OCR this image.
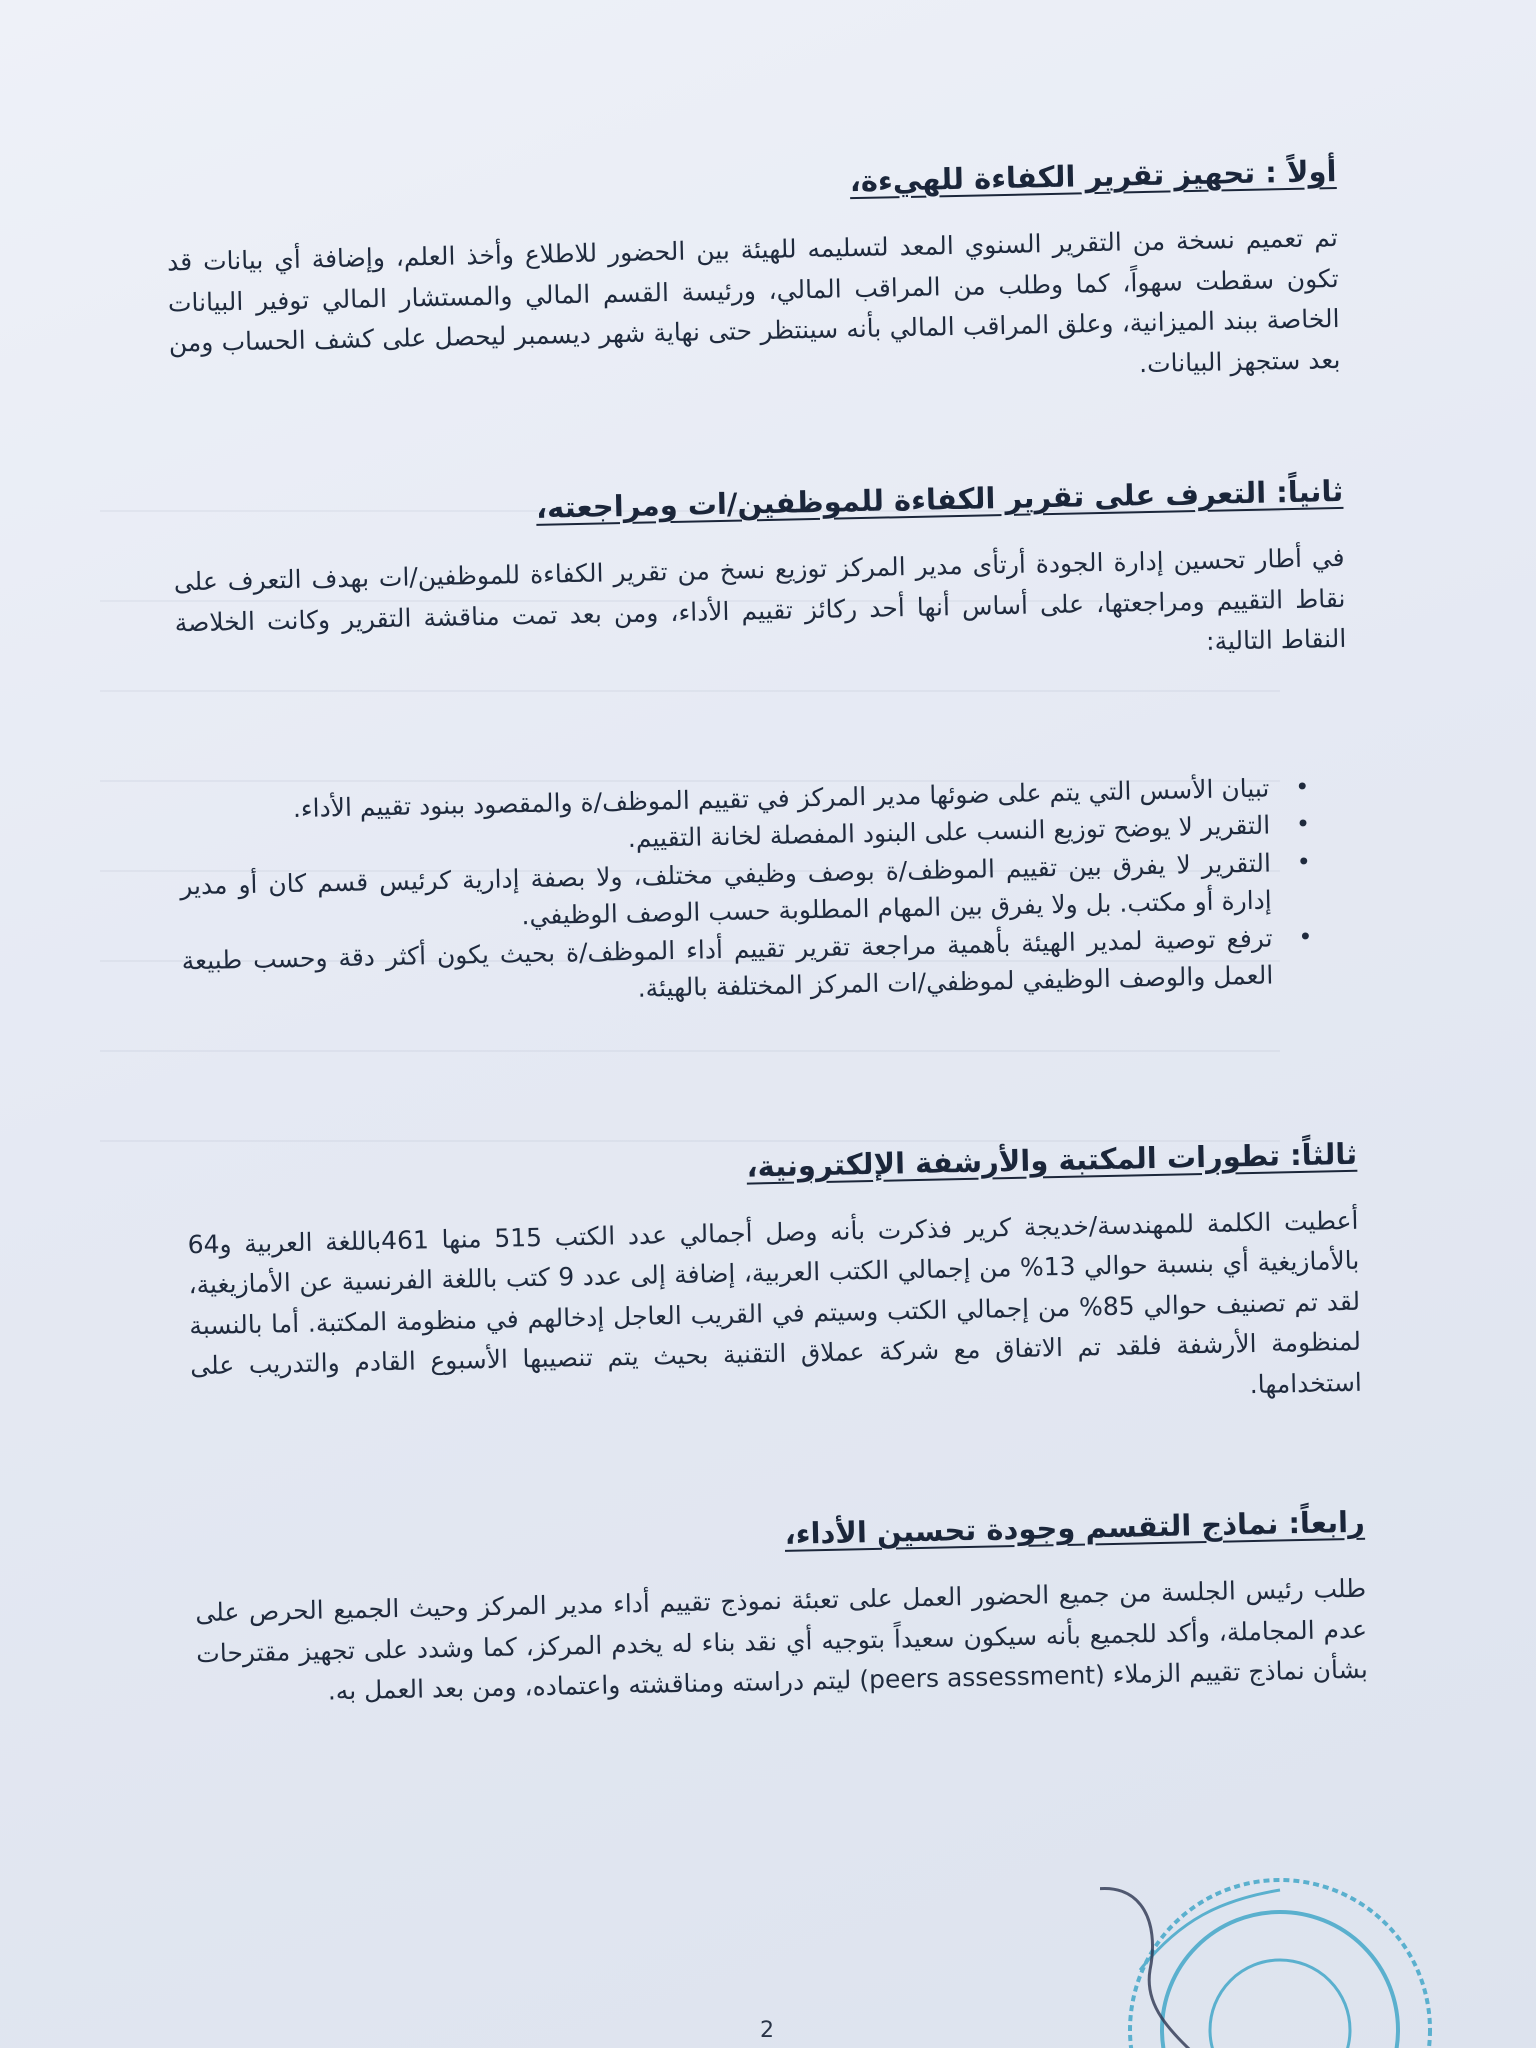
أولاً : تحهيز تقرير الكفاءة للهيءة،

تم تعميم نسخة من التقرير السنوي المعد لتسليمه للهيئة بين الحضور للاطلاع وأخذ العلم، وإضافة أي بيانات قد تكون سقطت سهواً، كما وطلب من المراقب المالي، ورئيسة القسم المالي والمستشار المالي توفير البيانات الخاصة ببند الميزانية، وعلق المراقب المالي بأنه سينتظر حتى نهاية شهر ديسمبر ليحصل على كشف الحساب ومن بعد ستجهز البيانات.

ثانياً: التعرف على تقرير الكفاءة للموظفين/ات ومراجعته،

في أطار تحسين إدارة الجودة أرتأى مدير المركز توزيع نسخ من تقرير الكفاءة للموظفين/ات بهدف التعرف على نقاط التقييم ومراجعتها، على أساس أنها أحد ركائز تقييم الأداء، ومن بعد تمت مناقشة التقرير وكانت الخلاصة النقاط التالية:

•
تبيان الأسس التي يتم على ضوئها مدير المركز في تقييم الموظف/ة والمقصود ببنود تقييم الأداء.
•
التقرير لا يوضح توزيع النسب على البنود المفصلة لخانة التقييم.
•
التقرير لا يفرق بين تقييم الموظف/ة بوصف وظيفي مختلف، ولا بصفة إدارية كرئيس قسم كان أو مدير إدارة أو مكتب. بل ولا يفرق بين المهام المطلوبة حسب الوصف الوظيفي.
•
ترفع توصية لمدير الهيئة بأهمية مراجعة تقرير تقييم أداء الموظف/ة بحيث يكون أكثر دقة وحسب طبيعة العمل والوصف الوظيفي لموظفي/ات المركز المختلفة بالهيئة.
ثالثاً: تطورات المكتبة والأرشفة الإلكترونية،

أعطيت الكلمة للمهندسة/خديجة كرير فذكرت بأنه وصل أجمالي عدد الكتب 515 منها 461باللغة العربية و64 بالأمازيغية أي بنسبة حوالي 13% من إجمالي الكتب العربية، إضافة إلى عدد 9 كتب باللغة الفرنسية عن الأمازيغية، لقد تم تصنيف حوالي 85% من إجمالي الكتب وسيتم في القريب العاجل إدخالهم في منظومة المكتبة. أما بالنسبة لمنظومة الأرشفة فلقد تم الاتفاق مع شركة عملاق التقنية بحيث يتم تنصيبها الأسبوع القادم والتدريب على استخدامها.

رابعاً: نماذج التقسم وجودة تحسين الأداء،

طلب رئيس الجلسة من جميع الحضور العمل على تعبئة نموذج تقييم أداء مدير المركز وحيث الجميع الحرص على عدم المجاملة، وأكد للجميع بأنه سيكون سعيداً بتوجيه أي نقد بناء له يخدم المركز، كما وشدد على تجهيز مقترحات بشأن نماذج تقييم الزملاء (peers assessment) ليتم دراسته ومناقشته واعتماده، ومن بعد العمل به.

2
